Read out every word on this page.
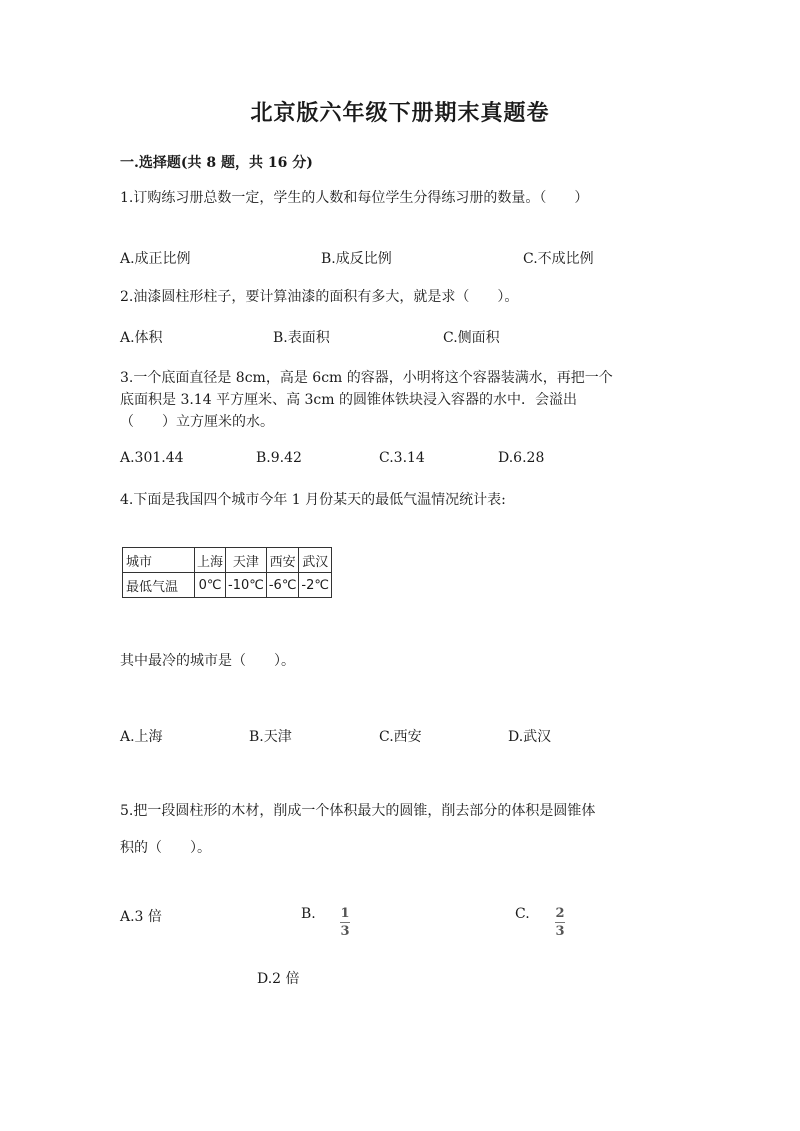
北京版六年级下册期末真题卷
一.选择题(共 8 题，共 16 分)
1.订购练习册总数一定，学生的人数和每位学生分得练习册的数量。（　　）
A.成正比例	B.成反比例	C.不成比例
2.油漆圆柱形柱子，要计算油漆的面积有多大，就是求（　　）。
A.体积	B.表面积	C.侧面积
3.一个底面直径是 8cm，高是 6cm 的容器，小明将这个容器装满水，再把一个
底面积是 3.14 平方厘米、高 3cm 的圆锥体铁块浸入容器的水中．会溢出
（　　）立方厘米的水。
A.301.44	B.9.42	C.3.14	D.6.28
4.下面是我国四个城市今年 1 月份某天的最低气温情况统计表:
城市	上海	天津	西安	武汉
最低气温	0℃	-10℃	-6℃	-2℃
其中最冷的城市是（　　）。
A.上海	B.天津	C.西安	D.武汉
5.把一段圆柱形的木材，削成一个体积最大的圆锥，削去部分的体积是圆锥体
积的（　　）。
A.3 倍	B. $\frac{1}{3}$	C. $\frac{2}{3}$
D.2 倍
